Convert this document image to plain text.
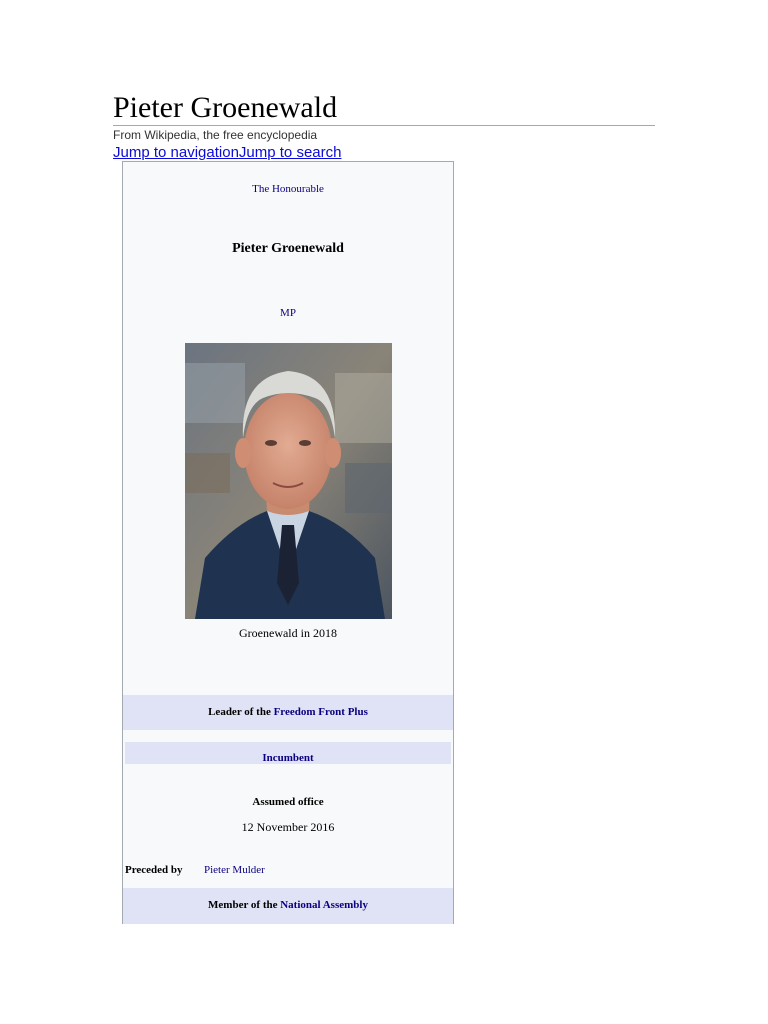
Pieter Groenewald
From Wikipedia, the free encyclopedia
Jump to navigationJump to search
The Honourable
Pieter Groenewald
MP
Groenewald in 2018
Leader of the Freedom Front Plus
Incumbent
Assumed office
12 November 2016
Preceded by Pieter Mulder
Member of the National Assembly
